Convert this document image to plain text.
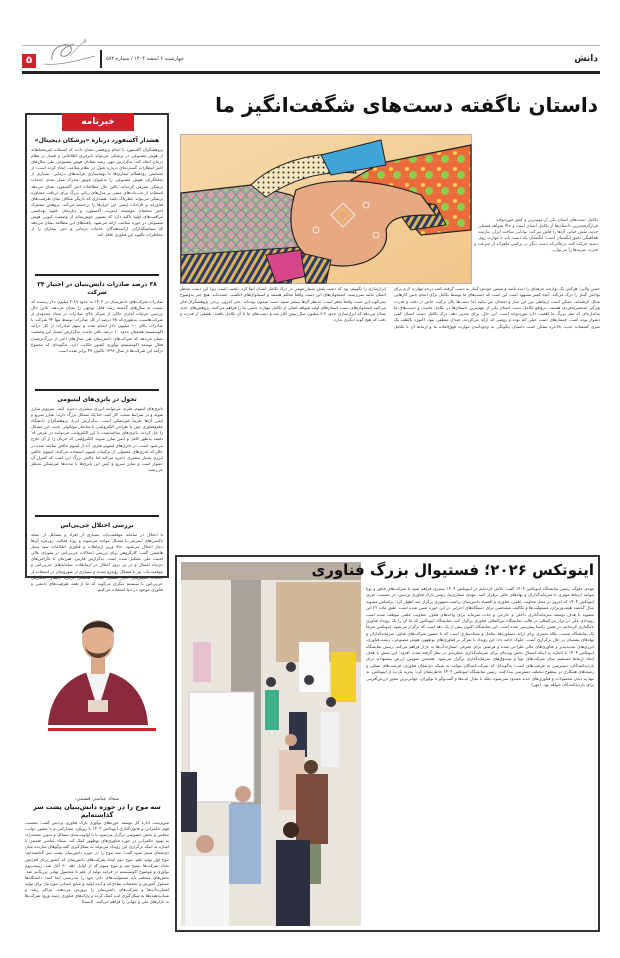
۵	چهارشنبه ۶ اسفند ۱۴۰۴ / شماره ۵۷۴	دانش
داستان ناگفته دست‌های شگفت‌انگیز ما
تکامل دست‌های انسان یکی از مهم‌ترین و کمتر موردتوجه قرارگرفته‌ترین داستان‌ها از تکامل انسان است و حالا شواهد فسیلی جدید، نقش حیاتی آن‌ها را فاش می‌کند. توانایی ساخت ابزار، نیازمند هماهنگی دقیق انگشتان است؛ انگشتان یک دست باید با مهارت روی دسته حرکت کنند درحالی‌که دست دیگر در ترکیبی ماهرانه از سرعت و قدرت ضربه‌ها را می‌نوازد.
حسن ولایی: هرکس یک نوازنده حرفه‌ای را دیده باشد و سپس خودش گیتار به دست گرفته باشد درجه مهارت لازم برای نواختن گیتار را درک می‌کند. آنچه کمتر مشهود است این است که دست‌های ما توسط تکامل برای انجام چنین کارهایی شکل گرفته‌اند. ممکن است ارتباطی بین این ساز و امتحان من بیابید اما دست‌ها باآن ترکیب خاص از دقت و قدرت ویژگی منحصربه‌فردی هستند. درواقع تکامل دست انسان یکی از مهم‌ترین داستان‌ها در تکامل ماست و دست‌های ما به‌اندازه‌ای که مغز بزرگ ما اهمیت دارد موردتوجه است. این حال، برای چندین دهه، درک تکامل دست انسان کمی دشوار بوده است. فسیل‌های دست خیلی کم بوده و روشی که ارائه می‌کردند، چندان منطقی نبود. اکنون، بالطف یک سری کشفیات جدید، بالاخره ممکن است داستان چگونگی به وجودآمدن مهارت فوق‌العاده ما و ارتباط آن با تکامل ابزارسازی را بگوییم. بود که دست نقش بسیار مهمی در درک تکامل انسان ایفا کرد. عجیب است زیرا این دست به‌نظر انسان مانند نمی‌رسید. استخوان‌های این دست واقعاً محکم هستند و استخوان‌های انگشت خمیده‌اند. هیچ چیز به‌وضوح نمی‌گوید این دست واقعاً ماهر است. به‌نظر آن‌ها بیشتر شبیه دست میمون بوده‌اند. حتی امروز، برخی پژوهشگران فکر می‌کنند استخوان‌های دست انسان‌های اولیه شواهد اصلی از تکامل مهارت دستی ما را فراهم می‌کنند. پژوهش‌های جدید نشان می‌دهد که ابزارسازی حدود ۳.۳ میلیون سال پیش آغاز شد و دست‌های ما با آن تکامل یافتند؛ تلفیقی از قدرت و دقت که هیچ گونه دیگری ندارد.
هشدار آکسفورد درباره «پزشکان دیجیتال»

پژوهشگران آکسفورد با انجام پژوهشی نشان دادند که استفاده غیرمحتاطانه از هوش مصنوعی در پزشکی می‌تواند نابرابری اطلاعاتی و فشار بر نظام درمان ایجاد کند. به‌گزارش مهر، رشد شتابان هوش مصنوعی طی سال‌های اخیر انتظارات گسترده‌ای درباره تحول در نظام سلامت ایجاد کرده است؛ از تشخیص زودهنگام بیماری‌ها تا بهینه‌سازی فرآیندهای درمانی. بسیاری از تحلیلگران، هوش مصنوعی را به‌عنوان موتور محرک نسل بعدی خدمات پزشکی معرفی کرده‌اند. بااین حال مطالعات اخیر آکسفورد نشان می‌دهد استفاده از چت‌بات‌های مبتنی بر مدل‌های زبانی بزرگ برای دریافت مشاوره پزشکی می‌تواند خطرناک باشد. هشداری که بازیگر شکاف میان ظرفیت‌های فناورانه و الزامات ایمنی این ابزارها را برجسته می‌کند. پژوهش مشترک اخیر محققان مؤسسه اینترنت آکسفورد و دپارتمان علوم بهداشتی مراقبت‌های اولیه تأکید دارد که تصویر خوش‌بینانه از وضعیت کنونی هوش مصنوعی در حوزه سلامت ارائه می‌شود. یافته‌های این مطالعه نشان می‌دهد که سیاستگذاران، ارائه‌دهندگان خدمات درمانی و حتی بیماران را از مخاطرات بالقوه این فناوری غافل کند.

۳۸ درصد صادرات دانش‌بنیان در اختیار ۳۴ شرکت

صادرات شرکت‌های دانش‌بنیان در ۱۴۰۳ به حدود ۲.۶۹ میلیون دلار رسیده که نسبت به سال‌های گذشته رشد قابل توجهی را نشان می‌دهد. بااین حال بررسی جزئیات آماری حاکی از تمرکز بالای صادرات در تعداد محدودی از شرکت‌هاست، به‌طوری‌که ۳۸ درصد از کل صادرات توسط تنها ۳۴ شرکت با صادرات بالای ۱۰ میلیون دلار انجام شده و سهم صادرات از کل درآمد اکوسیستم همچنان حدود ۱۰ درصد باقی مانده. به‌گزارش ایسنا، این وضعیت نشان می‌دهد که شرکت‌های دانش‌بنیان طی سال‌های اخیر از بزرگ‌ترشدن فعال توسعه اکوسیستم نوآوری کشور حکایت دارد. به‌گونه‌ای که مجموع درآمد این شرکت‌ها از سال ۱۳۹۶ تاکنون ۴۷ برابر شده است.

تحول در باتری‌های لیتیومی

باتری‌های لیتیوم‌ـ فلزی می‌توانند انرژی بیشتری ذخیره کنند، سریع‌تر شارژ شوند و در شرایط سخت کار کنند، اما یک مشکل بزرگ دارند: شارژ سریع و ایمن آن‌ها تقریباً غیرممکن است. به‌گزارش ایرنا، پژوهشگران دانشگاه علم‌وفناوری چین با طراحی الکترولیتی با ساختار مولکولی جدید، این مشکل را حل کردند. باتری‌های ساخته‌شده با این الکترولیت می‌توانند در عرض ۱۸ دقیقه به‌طور کامل و ایمن شارژ شوند. الکترولیتی که جریان را از آن خارج می‌شود است، در باتری‌های لیتیوم‌ـ فلزی، آند از لیتیوم خالص ساخته شده در حالی‌که باتری‌های معمولی از ترکیبات لیتیوم استفاده می‌کنند. لیتیوم خالص انرژی بسیار بیشتری ذخیره می‌کند اما چالش بزرگ این است که کنترل آن دشوار است و شارژ سریع و ایمن این باتری‌ها تا مدت‌ها غیرممکن به‌نظر می‌رسید.

بررسی اختلال جی‌پی‌اس

با اختلال در سامانه موقعیت‌یاب بسیاری از افراد و مشاغل از جمله تاکسی‌های اینترنتی با مشکل مواجه می‌شوند و روند فعالیت روزمره آن‌ها دچار اختلال می‌شود. حالا وزیر ارتباطات و فناوری اطلاعات سید ستار هاشمی گفت: کارگروهی برای بررسی اختلالات جی‌پی‌اس در شورای عالی امنیت ملی تشکیل شده است. به‌گزارش فارس، هم‌زمان با ناآرامی‌های دی‌ماه امسال و در پی بروز اختلال در ارتباطات، سامانه‌های جی‌پی‌اس و موقعیت‌یاب نیز با مشکل روبه‌رو شدند و بسیاری از شهروندان در استفاده از خدمات مسیریابی دچار مشکل شدند. هاشمی درباره احتمال جایگزینی جی‌پی‌اس با سیستم دیگری می‌گوید که ما از همه ظرفیت‌های دانشی و فناوری موجود در دنیا استفاده می‌کنیم.

خبرنامه
سجاد عباسی فشمی:
سه موج را در حوزه دانش‌بنیان پشت سر گذاشته‌ایم
سرپرست اداره کل توسعه حوزه‌های نوآوری پارک فناوری پردیس گفت: نشست فهم حکمرانی و قانون‌گذاری اینوتکس ۱۴۰۴ با رویکرد مشارکتی و با حضور دولت، مجلس و بخش خصوصی برگزار می‌شود تا با اولویت‌بندی مسائل و تدوین نقشه‌راه، به بهبود حکمرانی در حوزه فناوری‌های نوظهور کمک کند. سجاد عباسی فشمی با اشاره به اینکه برگزاری این رویداد می‌تواند به شکل‌گیری گفت‌وگوهای سازنده میان ذی‌نفعان منجر شود گفت: سه موج را در حوزه دانش‌بنیان پشت سر گذاشته‌ایم؛ موج اول تولید علم، موج دوم ایجاد شرکت‌های دانش‌بنیان که کشور برای افزایش تعداد شرکت‌ها بسیج شد و موج سوم که از اوایل دهه ۹۰ آغاز شد، زیست‌بوم نوآوری و موضوع اکوسیستم در فرایند تولید از علم تا محصول نهایی پررنگ‌تر شد. بخش‌های مختلف باید مسئولیت‌های ذاتی خود را به‌درستی ایفا کنند؛ دانشگاه‌ها مسئول آموزش و تحقیقات بنیادی‌اند و ایده اولیه و منابع انسانی موردنیاز برای تولید استارت‌آپ‌ها و شرکت‌های دانش‌بنیان را پرورش می‌دهند. مراکز رشد و شتاب‌دهنده‌ها به شکل‌گیری ایده کمک کرده و پارک‌های فناوری زمینه ورود شرکت‌ها به بازارهای ملی و جهانی را فراهم می‌کنند. (ایسنا)
اینوتکس ۲۰۲۶؛ فستیوال بزرگ فناوری
مهدی جلوک، رئیس نمایشگاه اینوتکس ۱۴۰۴ گفت: تلاش کرده‌ایم در اینوتکس ۱۴۰۴ بستری فراهم شود تا شرکت‌های فناور و نوپا بتوانند ارتباط مؤثری با سرمایه‌گذاران و نهادهای مالی برقرار کنند. مهدی صفاری‌نیا، رئیس پارک فناوری پردیس، در نشست خبری اینوتکس ۱۴۰۴ که امروز در محل معاونت علمی، فناوری و اقتصاد دانش‌بنیان ریاست‌جمهوری برگزار شد اظهار کرد: براساس مصوبه سال گذشته هیئت‌وزیران، مسئولیت‌ها و تکالیف مشخصی برای دستگاه‌های اجرایی در این حوزه تعیین شده است. طبق ماده ۲۲ این مصوبه با هدف توسعه سرمایه‌گذاری داخلی و خارجی و جذب سرمایه برای واحدهای فناور، معاونت علمی موظف شده است رویدادی ملی در تراز بین‌المللی در قالب نمایشگاه بین‌المللی فناوری برگزار کند. نمایشگاه اینوتکس که ما آن را یک رویداد فناوری نامگذاری کرده‌ایم، در همین راستا پیش‌بینی شده است. این نمایشگاه اکنون بیش از یک دهه است که برگزار می‌شود. اینوتکس صرفاً یک نمایشگاه نیست، بلکه بستری برای ارائه دستاوردها، تعامل و شبکه‌سازی است که با حضور شرکت‌های فناور، سرمایه‌گذاران و نهادهای پشتیبان در حال برگزاری است. جلوک ادامه داد: این رویداد با تمرکز بر فناوری‌های نوظهور، هوش مصنوعی، زیست‌فناوری، انرژی‌های تجدیدپذیر و فناوری‌های مالی طراحی شده و فرصتی برای معرفی استارت‌آپ‌ها به بازار فراهم می‌کند. رئیس نمایشگاه اینوتکس ۱۴۰۴ با اشاره به اینکه امسال بخش ویژه‌ای برای سرمایه‌گذاری خطرپذیر در نظر گرفته شده، افزود: این بخش با هدف ایجاد ارتباط مستقیم میان شرکت‌های نوپا و صندوق‌های سرمایه‌گذاری برگزار می‌شود. همچنین سومین ارزش پیشنهادی برای بازدیدکنندگان، دسترسی به فرصت‌های است؛ به‌گونه‌ای که شرکت‌کنندگان بتوانند به شبکه ذی‌نفعان فناوری، فرصت‌های شغلی و زمینه‌های همکاری در سطوح مختلف دسترسی پیدا کنند. رئیس نمایشگاه اینوتکس ۱۴۰۴ خاطرنشان کرد: تجربه بازدید از اینوتکس، نه تنها به دیدن محصولات و فناوری‌های جدید محدود نمی‌شود، بلکه با تبادل ایده‌ها و گفت‌وگو با نوآوران، جهانی‌ترین محور ارزش‌آفرینی برای بازدیدکنندگان خواهد بود. (مهر)
